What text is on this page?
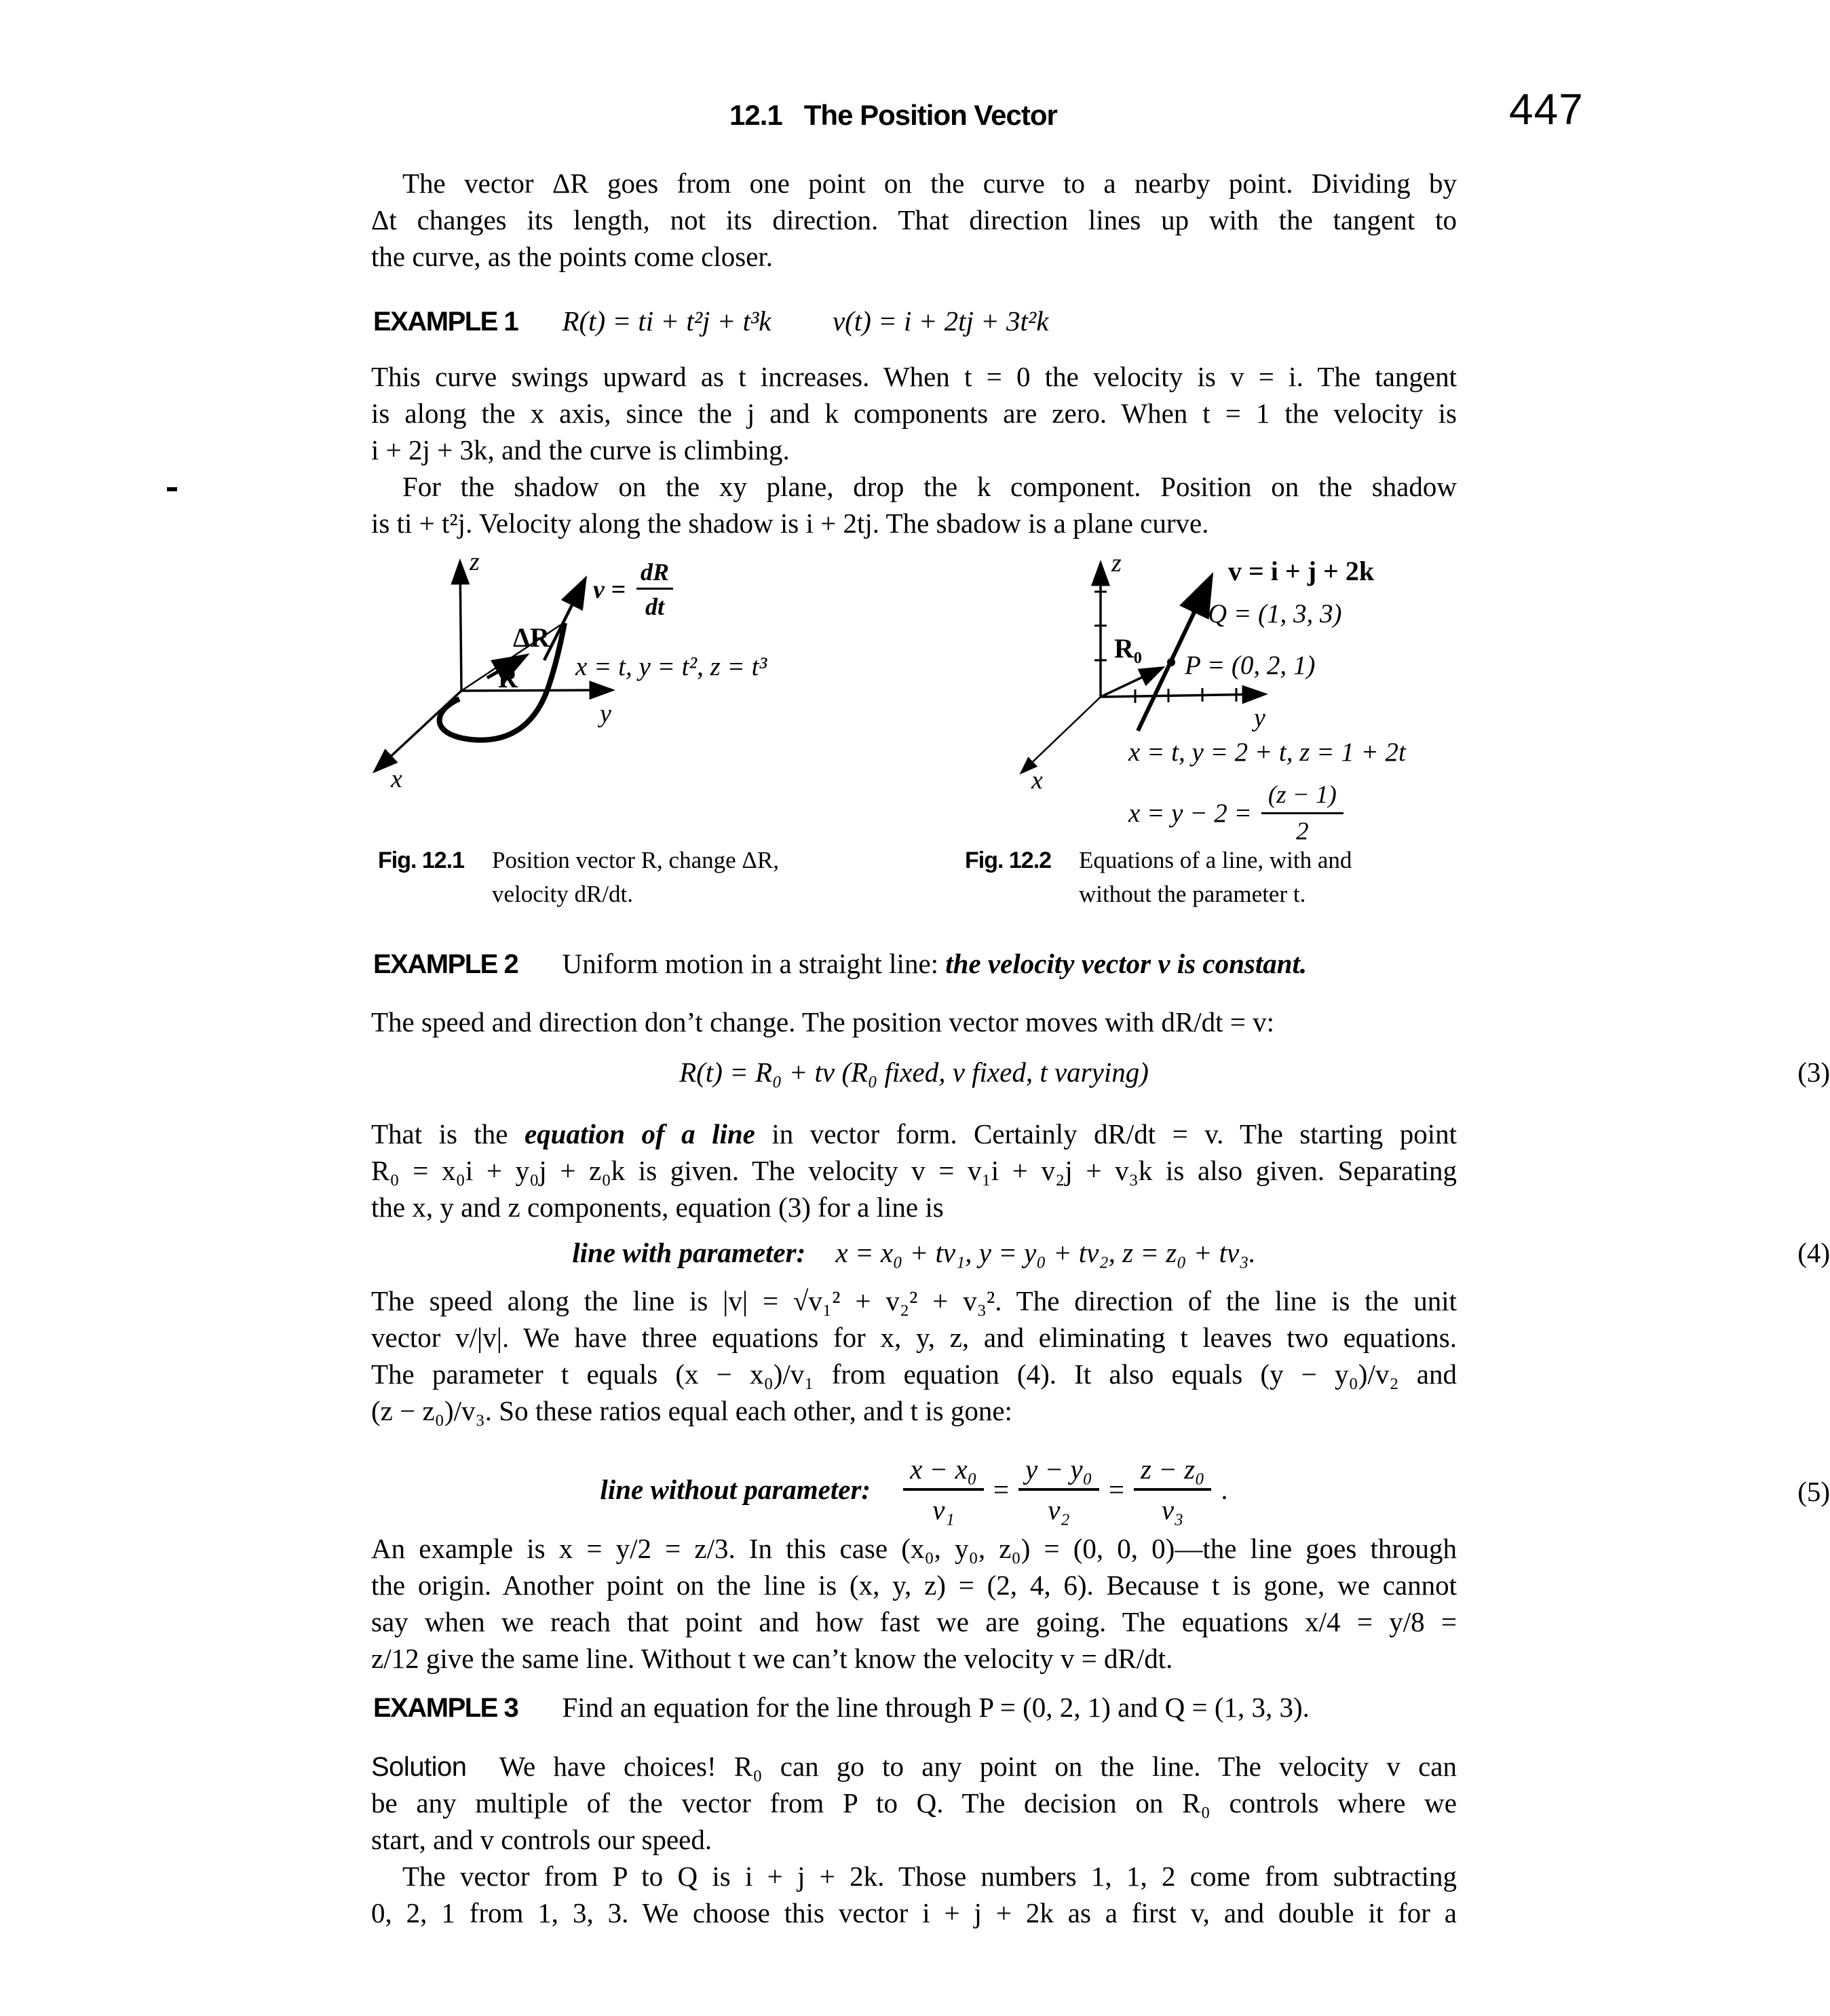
12.1 The Position Vector	447
The vector ΔR goes from one point on the curve to a nearby point. Dividing by
Δt changes its length, not its direction. That direction lines up with the tangent to
the curve, as the points come closer.
EXAMPLE 1 R(t) = ti + t²j + t³k v(t) = i + 2tj + 3t²k
This curve swings upward as t increases. When t = 0 the velocity is v = i. The tangent
is along the x axis, since the j and k components are zero. When t = 1 the velocity is
i + 2j + 3k, and the curve is climbing.
For the shadow on the xy plane, drop the k component. Position on the shadow
is ti + t²j. Velocity along the shadow is i + 2tj. The sbadow is a plane curve.
z
y
x
R
ΔR
$v = \frac{dR}{dt}$
x = t, y = t², z = t³
z
y
x
R₀
v = i + j + 2k
Q = (1, 3, 3)
P = (0, 2, 1)
x = t, y = 2 + t, z = 1 + 2t
$x = y - 2 = \frac{(z - 1)}{2}$
Fig. 12.1	Position vector R, change ΔR,
velocity dR/dt.
Fig. 12.2	Equations of a line, with and
without the parameter t.
EXAMPLE 2 Uniform motion in a straight line: the velocity vector v is constant.
The speed and direction don’t change. The position vector moves with dR/dt = v:
R(t) = R₀ + tv (R₀ fixed, v fixed, t varying)	(3)
That is the equation of a line in vector form. Certainly dR/dt = v. The starting point
R₀ = x₀i + y₀j + z₀k is given. The velocity v = v₁i + v₂j + v₃k is also given. Separating
the x, y and z components, equation (3) for a line is
line with parameter: x = x₀ + tv₁, y = y₀ + tv₂, z = z₀ + tv₃.	(4)
The speed along the line is |v| = √v₁² + v₂² + v₃². The direction of the line is the unit
vector v/|v|. We have three equations for x, y, z, and eliminating t leaves two equations.
The parameter t equals (x − x₀)/v₁ from equation (4). It also equals (y − y₀)/v₂ and
(z − z₀)/v₃. So these ratios equal each other, and t is gone:
line without parameter: $\frac{\text{x − x₀}}{\text{v₁}} = \frac{\text{y − y₀}}{\text{v₂}} = \frac{\text{z − z₀}}{\text{v₃}}$ .	(5)
An example is x = y/2 = z/3. In this case (x₀, y₀, z₀) = (0, 0, 0)—the line goes through
the origin. Another point on the line is (x, y, z) = (2, 4, 6). Because t is gone, we cannot
say when we reach that point and how fast we are going. The equations x/4 = y/8 =
z/12 give the same line. Without t we can’t know the velocity v = dR/dt.
EXAMPLE 3 Find an equation for the line through P = (0, 2, 1) and Q = (1, 3, 3).
Solution We have choices! R₀ can go to any point on the line. The velocity v can
be any multiple of the vector from P to Q. The decision on R₀ controls where we
start, and v controls our speed.
The vector from P to Q is i + j + 2k. Those numbers 1, 1, 2 come from subtracting
0, 2, 1 from 1, 3, 3. We choose this vector i + j + 2k as a first v, and double it for a
